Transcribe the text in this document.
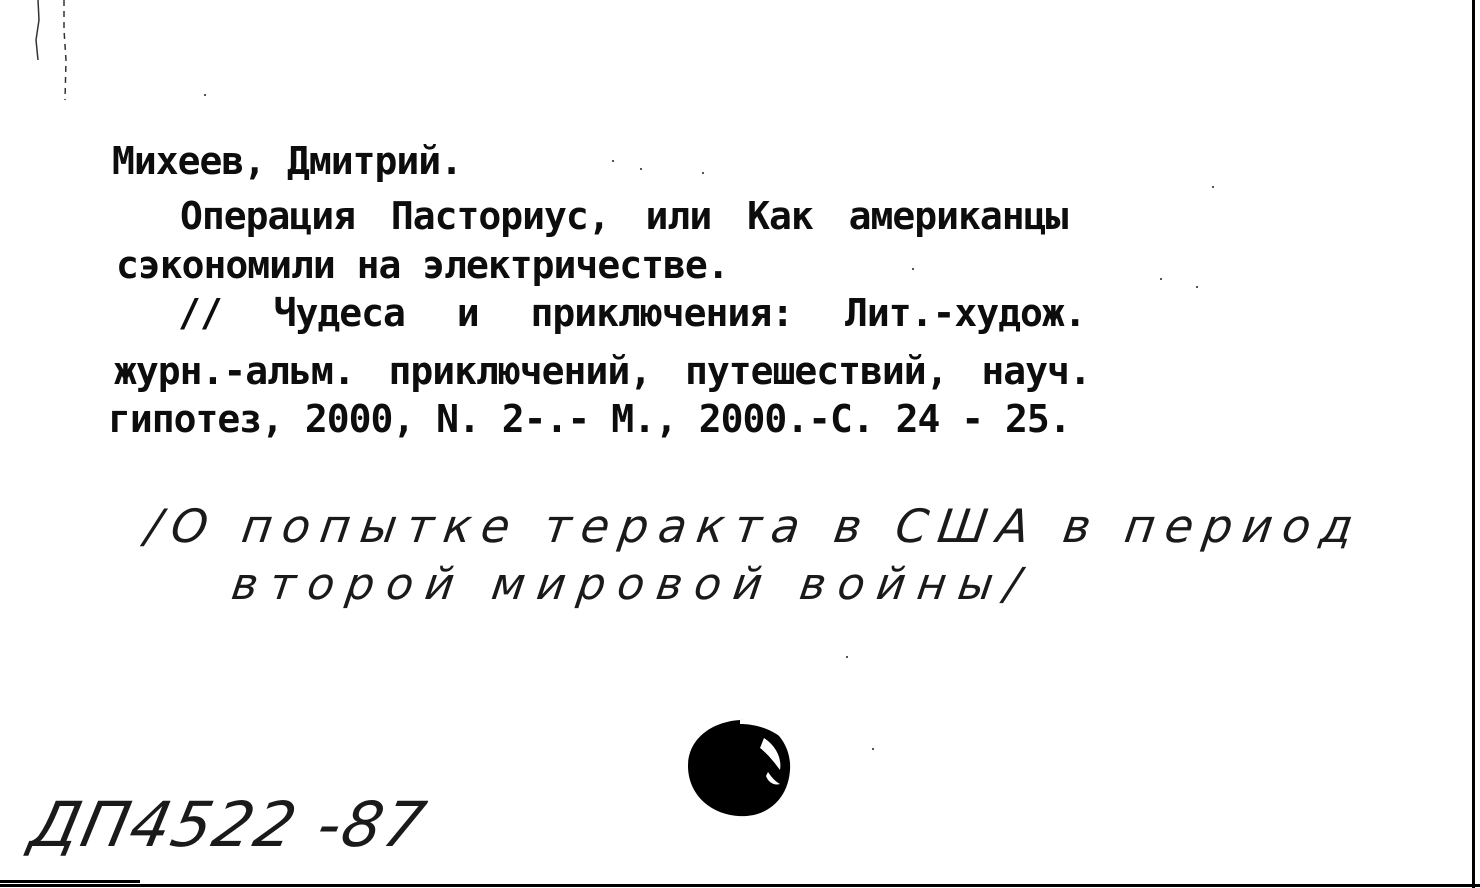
Михеев, Дмитрий.
Операция Пасториус, или Как американцы
сэкономили на электричестве.
// Чудеса и приключения: Лит.-худож.
журн.-альм. приключений, путешествий, науч.
гипотез, 2000, N. 2-.- М., 2000.-С. 24 - 25.
/О попытке теракта в США в период
второй мировой войны/
ДП4522 -87
